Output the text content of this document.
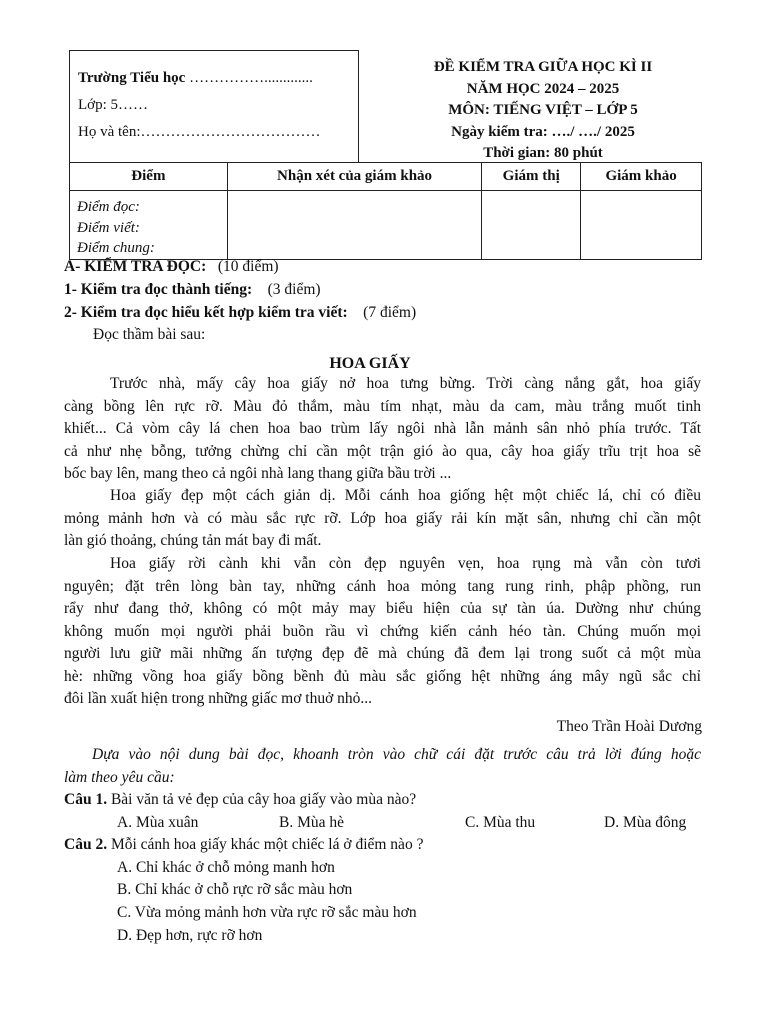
Trường Tiểu học …………….............
Lớp: 5……
Họ và tên:………………………………
ĐỀ KIỂM TRA GIỮA HỌC KÌ II
NĂM HỌC 2024 – 2025
MÔN: TIẾNG VIỆT – LỚP 5
Ngày kiểm tra: …./ …./ 2025
Thời gian: 80 phút
Điểm	Nhận xét của giám khảo	Giám thị	Giám khảo

Điểm đọc:
Điểm viết:
Điểm chung:			

A- KIỂM TRA ĐỌC: (10 điểm)
1- Kiểm tra đọc thành tiếng: (3 điểm)
2- Kiểm tra đọc hiểu kết hợp kiểm tra viết: (7 điểm)
Đọc thầm bài sau:
HOA GIẤY
Trước nhà, mấy cây hoa giấy nở hoa tưng bừng. Trời càng nắng gắt, hoa giấy
càng bồng lên rực rỡ. Màu đỏ thắm, màu tím nhạt, màu da cam, màu trắng muốt tinh
khiết... Cả vòm cây lá chen hoa bao trùm lấy ngôi nhà lẫn mảnh sân nhỏ phía trước. Tất
cả như nhẹ bỗng, tưởng chừng chỉ cần một trận gió ào qua, cây hoa giấy trĩu trịt hoa sẽ
bốc bay lên, mang theo cả ngôi nhà lang thang giữa bầu trời ...
Hoa giấy đẹp một cách giản dị. Mỗi cánh hoa giống hệt một chiếc lá, chỉ có điều
mỏng mảnh hơn và có màu sắc rực rỡ. Lớp hoa giấy rải kín mặt sân, nhưng chỉ cần một
làn gió thoảng, chúng tản mát bay đi mất.
Hoa giấy rời cành khi vẫn còn đẹp nguyên vẹn, hoa rụng mà vẫn còn tươi
nguyên; đặt trên lòng bàn tay, những cánh hoa mỏng tang rung rinh, phập phồng, run
rẩy như đang thở, không có một mảy may biểu hiện của sự tàn úa. Dường như chúng
không muốn mọi người phải buồn rầu vì chứng kiến cảnh héo tàn. Chúng muốn mọi
người lưu giữ mãi những ấn tượng đẹp đẽ mà chúng đã đem lại trong suốt cả một mùa
hè: những vồng hoa giấy bồng bềnh đủ màu sắc giống hệt những áng mây ngũ sắc chỉ
đôi lần xuất hiện trong những giấc mơ thuở nhỏ...
Theo Trần Hoài Dương
Dựa vào nội dung bài đọc, khoanh tròn vào chữ cái đặt trước câu trả lời đúng hoặc
làm theo yêu cầu:
Câu 1. Bài văn tả vẻ đẹp của cây hoa giấy vào mùa nào?
A. Mùa xuân	B. Mùa hè	C. Mùa thu	D. Mùa đông
Câu 2. Mỗi cánh hoa giấy khác một chiếc lá ở điểm nào ?
A. Chỉ khác ở chỗ mỏng manh hơn
B. Chỉ khác ở chỗ rực rỡ sắc màu hơn
C. Vừa mỏng mảnh hơn vừa rực rỡ sắc màu hơn
D. Đẹp hơn, rực rỡ hơn
